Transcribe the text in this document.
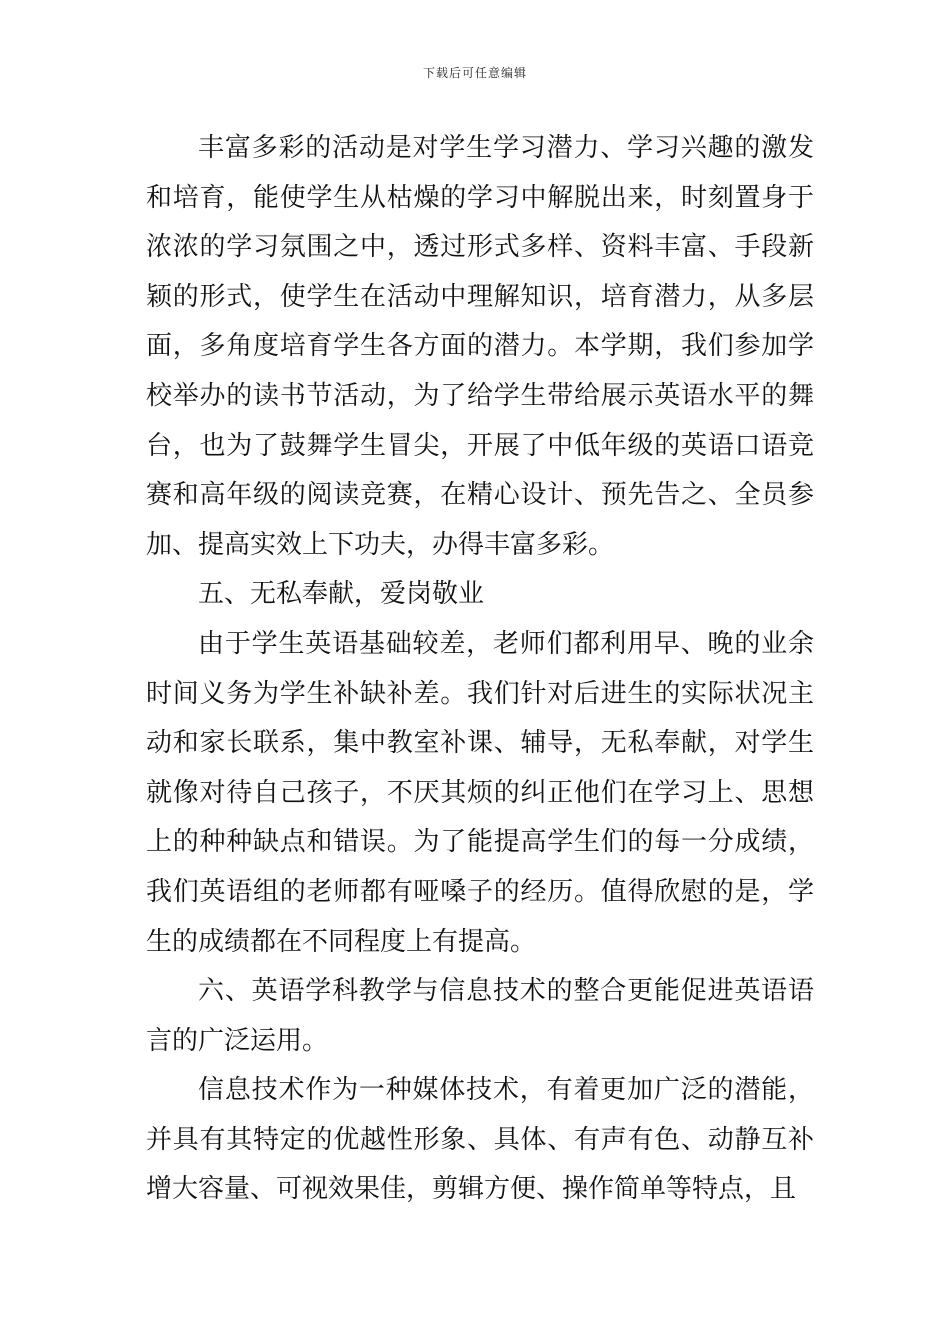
下载后可任意编辑

丰富多彩的活动是对学生学习潜力、学习兴趣的激发和培育，能使学生从枯燥的学习中解脱出来，时刻置身于浓浓的学习氛围之中，透过形式多样、资料丰富、手段新颖的形式，使学生在活动中理解知识，培育潜力，从多层面，多角度培育学生各方面的潜力。本学期，我们参加学校举办的读书节活动，为了给学生带给展示英语水平的舞台，也为了鼓舞学生冒尖，开展了中低年级的英语口语竞赛和高年级的阅读竞赛，在精心设计、预先告之、全员参加、提高实效上下功夫，办得丰富多彩。

五、无私奉献，爱岗敬业

由于学生英语基础较差，老师们都利用早、晚的业余时间义务为学生补缺补差。我们针对后进生的实际状况主动和家长联系，集中教室补课、辅导，无私奉献，对学生就像对待自己孩子，不厌其烦的纠正他们在学习上、思想上的种种缺点和错误。为了能提高学生们的每一分成绩，我们英语组的老师都有哑嗓子的经历。值得欣慰的是，学生的成绩都在不同程度上有提高。

六、英语学科教学与信息技术的整合更能促进英语语言的广泛运用。

信息技术作为一种媒体技术，有着更加广泛的潜能，并具有其特定的优越性形象、具体、有声有色、动静互补增大容量、可视效果佳，剪辑方便、操作简单等特点，且
